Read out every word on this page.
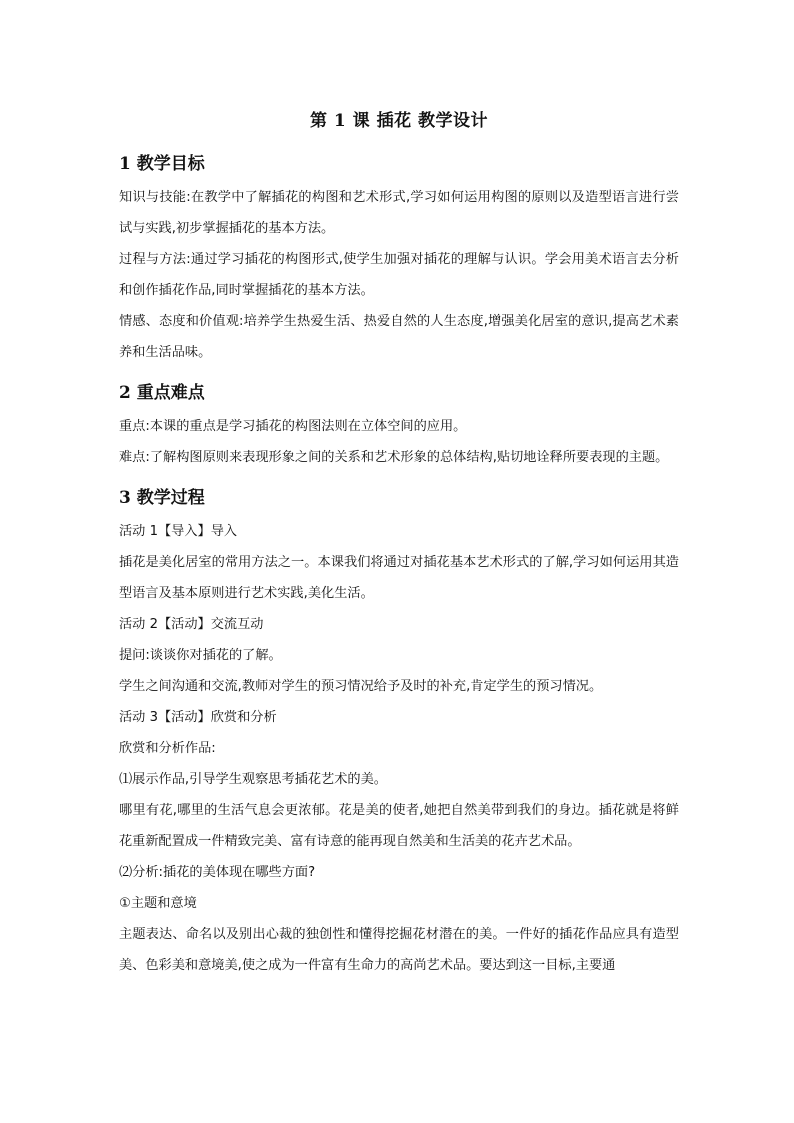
第 1 课 插花 教学设计
1 教学目标

知识与技能:在教学中了解插花的构图和艺术形式,学习如何运用构图的原则以及造型语言进行尝试与实践,初步掌握插花的基本方法。

过程与方法:通过学习插花的构图形式,使学生加强对插花的理解与认识。学会用美术语言去分析和创作插花作品,同时掌握插花的基本方法。

情感、态度和价值观:培养学生热爱生活、热爱自然的人生态度,增强美化居室的意识,提高艺术素养和生活品味。

2 重点难点

重点:本课的重点是学习插花的构图法则在立体空间的应用。

难点:了解构图原则来表现形象之间的关系和艺术形象的总体结构,贴切地诠释所要表现的主题。

3 教学过程

活动 1【导入】导入

插花是美化居室的常用方法之一。本课我们将通过对插花基本艺术形式的了解,学习如何运用其造型语言及基本原则进行艺术实践,美化生活。

活动 2【活动】交流互动

提问:谈谈你对插花的了解。

学生之间沟通和交流,教师对学生的预习情况给予及时的补充,肯定学生的预习情况。

活动 3【活动】欣赏和分析

欣赏和分析作品:

⑴展示作品,引导学生观察思考插花艺术的美。

哪里有花,哪里的生活气息会更浓郁。花是美的使者,她把自然美带到我们的身边。插花就是将鲜花重新配置成一件精致完美、富有诗意的能再现自然美和生活美的花卉艺术品。

⑵分析:插花的美体现在哪些方面?

①主题和意境

主题表达、命名以及别出心裁的独创性和懂得挖掘花材潜在的美。一件好的插花作品应具有造型美、色彩美和意境美,使之成为一件富有生命力的高尚艺术品。要达到这一目标,主要通
